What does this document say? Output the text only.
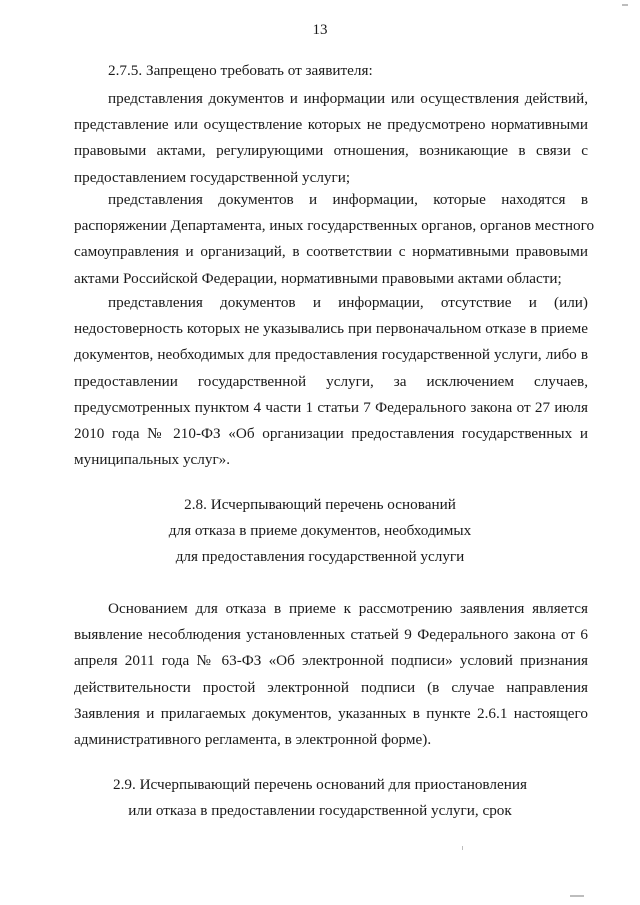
13
2.7.5. Запрещено требовать от заявителя:
представления документов и информации или осуществления действий,
представление или осуществление которых не предусмотрено нормативными
правовыми актами, регулирующими отношения, возникающие в связи с
предоставлением государственной услуги;
представления документов и информации, которые находятся в
распоряжении Департамента, иных государственных органов, органов местного
самоуправления и организаций, в соответствии с нормативными правовыми
актами Российской Федерации, нормативными правовыми актами области;
представления документов и информации, отсутствие и (или)
недостоверность которых не указывались при первоначальном отказе в приеме
документов, необходимых для предоставления государственной услуги, либо в
предоставлении государственной услуги, за исключением случаев,
предусмотренных пунктом 4 части 1 статьи 7 Федерального закона от 27 июля
2010 года № 210-ФЗ «Об организации предоставления государственных и
муниципальных услуг».
2.8. Исчерпывающий перечень оснований
для отказа в приеме документов, необходимых
для предоставления государственной услуги
Основанием для отказа в приеме к рассмотрению заявления является
выявление несоблюдения установленных статьей 9 Федерального закона от 6
апреля 2011 года № 63-ФЗ «Об электронной подписи» условий признания
действительности простой электронной подписи (в случае направления
Заявления и прилагаемых документов, указанных в пункте 2.6.1 настоящего
административного регламента, в электронной форме).
2.9. Исчерпывающий перечень оснований для приостановления
или отказа в предоставлении государственной услуги, срок
